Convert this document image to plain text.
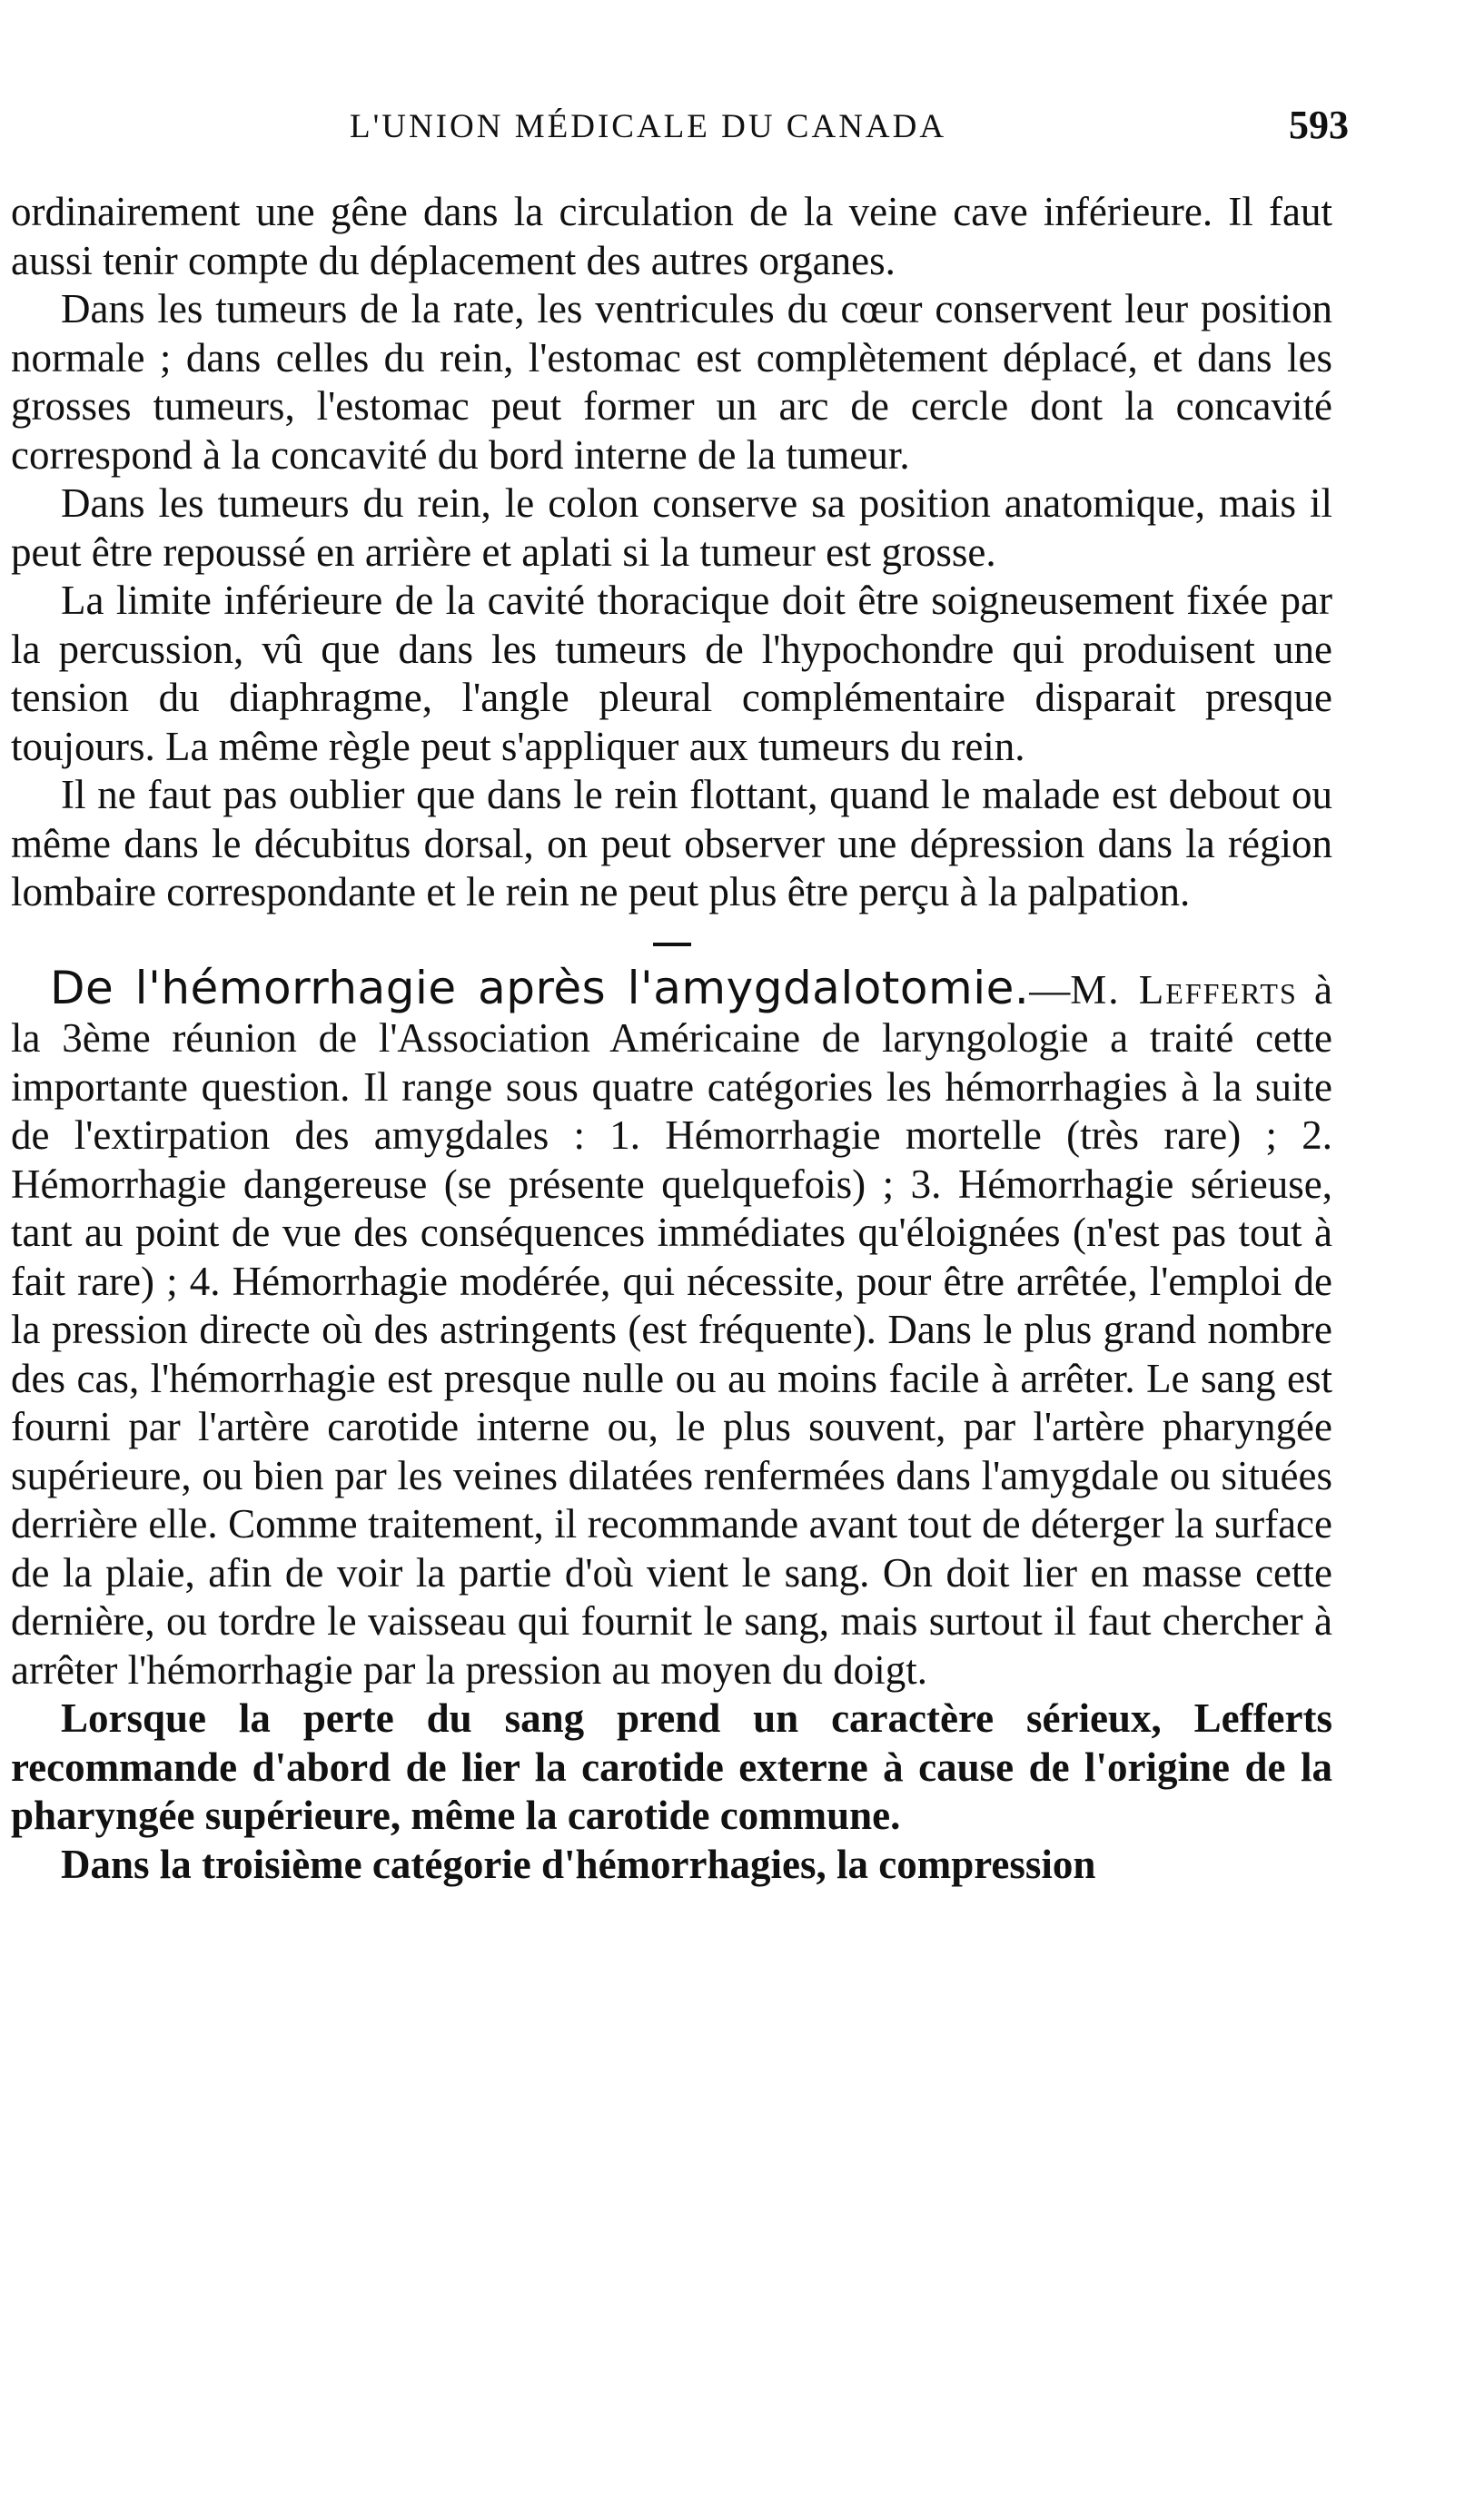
L'UNION MÉDICALE DU CANADA	593

ordinairement une gêne dans la circulation de la veine cave inférieure. Il faut aussi tenir compte du déplacement des autres organes.

Dans les tumeurs de la rate, les ventricules du cœur conservent leur position normale ; dans celles du rein, l'estomac est complètement déplacé, et dans les grosses tumeurs, l'estomac peut former un arc de cercle dont la concavité correspond à la concavité du bord interne de la tumeur.

Dans les tumeurs du rein, le colon conserve sa position anatomique, mais il peut être repoussé en arrière et aplati si la tumeur est grosse.

La limite inférieure de la cavité thoracique doit être soigneusement fixée par la percussion, vû que dans les tumeurs de l'hypochondre qui produisent une tension du diaphragme, l'angle pleural complémentaire disparait presque toujours. La même règle peut s'appliquer aux tumeurs du rein.

Il ne faut pas oublier que dans le rein flottant, quand le malade est debout ou même dans le décubitus dorsal, on peut observer une dépression dans la région lombaire correspondante et le rein ne peut plus être perçu à la palpation.

De l'hémorrhagie après l'amygdalotomie.—M. Lefferts à la 3ème réunion de l'Association Américaine de laryngologie a traité cette importante question. Il range sous quatre catégories les hémorrhagies à la suite de l'extirpation des amygdales : 1. Hémorrhagie mortelle (très rare) ; 2. Hémorrhagie dangereuse (se présente quelquefois) ; 3. Hémorrhagie sérieuse, tant au point de vue des conséquences immédiates qu'éloignées (n'est pas tout à fait rare) ; 4. Hémorrhagie modérée, qui nécessite, pour être arrêtée, l'emploi de la pression directe où des astringents (est fréquente). Dans le plus grand nombre des cas, l'hémorrhagie est presque nulle ou au moins facile à arrêter. Le sang est fourni par l'artère carotide interne ou, le plus souvent, par l'artère pharyngée supérieure, ou bien par les veines dilatées renfermées dans l'amygdale ou situées derrière elle. Comme traitement, il recommande avant tout de déterger la surface de la plaie, afin de voir la partie d'où vient le sang. On doit lier en masse cette dernière, ou tordre le vaisseau qui fournit le sang, mais surtout il faut chercher à arrêter l'hémorrhagie par la pression au moyen du doigt.

Lorsque la perte du sang prend un caractère sérieux, Lefferts recommande d'abord de lier la carotide externe à cause de l'origine de la pharyngée supérieure, même la carotide commune.

Dans la troisième catégorie d'hémorrhagies, la compression
